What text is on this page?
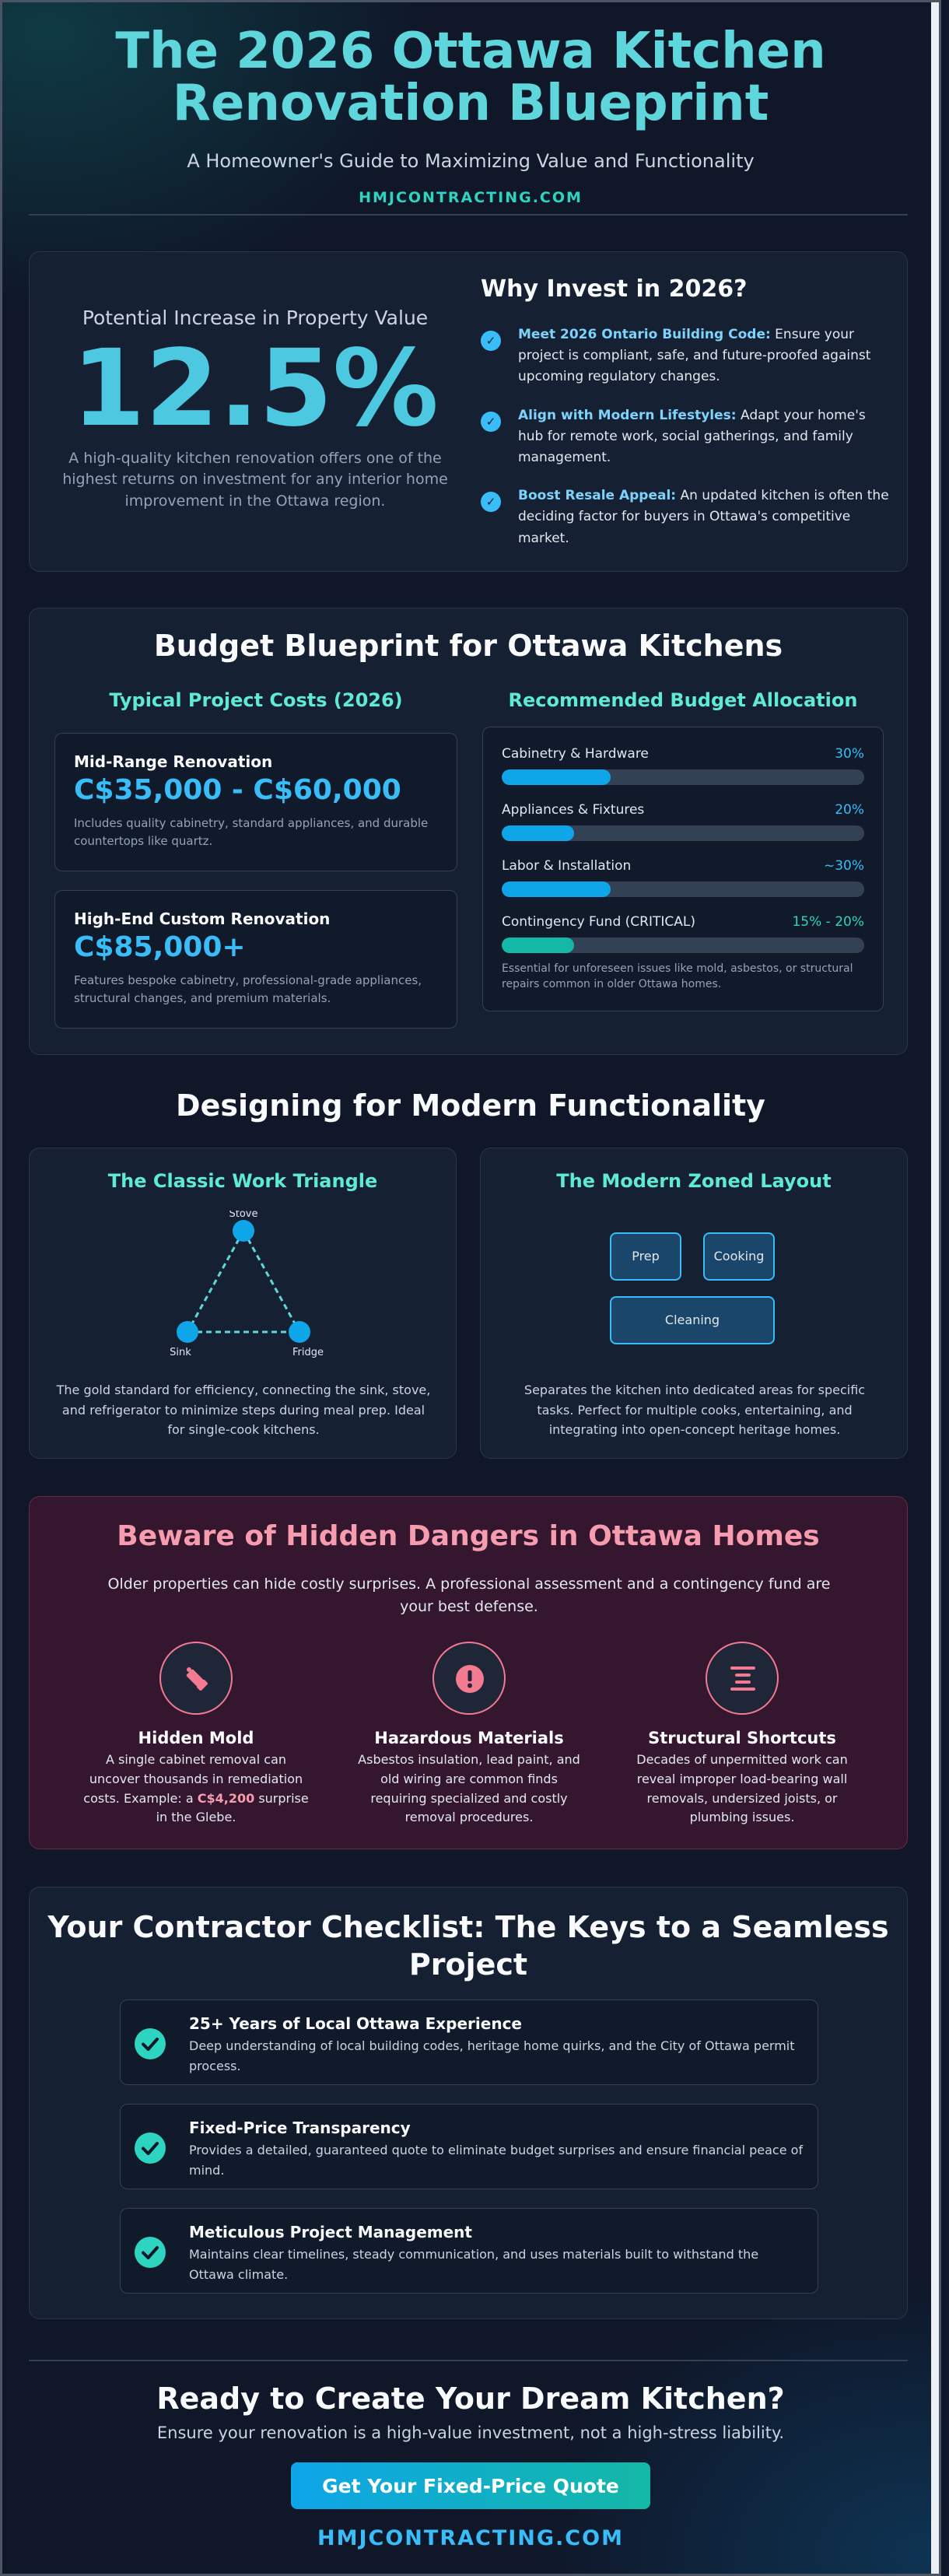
The 2026 Ottawa Kitchen
Renovation Blueprint
A Homeowner's Guide to Maximizing Value and Functionality
HMJCONTRACTING.COM
Potential Increase in Property Value
12.5%
A high-quality kitchen renovation offers one of the highest returns on investment for any interior home improvement in the Ottawa region.
Why Invest in 2026?
✓	Meet 2026 Ontario Building Code: Ensure your project is compliant, safe, and future-proofed against upcoming regulatory changes.
✓	Align with Modern Lifestyles: Adapt your home's hub for remote work, social gatherings, and family management.
✓	Boost Resale Appeal: An updated kitchen is often the deciding factor for buyers in Ottawa's competitive market.
Budget Blueprint for Ottawa Kitchens
Typical Project Costs (2026)	Recommended Budget Allocation
Mid-Range Renovation
C$35,000 - C$60,000
Includes quality cabinetry, standard appliances, and durable countertops like quartz.
High-End Custom Renovation
C$85,000+
Features bespoke cabinetry, professional-grade appliances, structural changes, and premium materials.
Cabinetry & Hardware	30%
Appliances & Fixtures	20%
Labor & Installation	~30%
Contingency Fund (CRITICAL)	15% - 20%
Essential for unforeseen issues like mold, asbestos, or structural repairs common in older Ottawa homes.
Designing for Modern Functionality
The Classic Work Triangle
Stove
Sink	Fridge
The gold standard for efficiency, connecting the sink, stove, and refrigerator to minimize steps during meal prep. Ideal for single-cook kitchens.
The Modern Zoned Layout
Prep	Cooking
Cleaning
Separates the kitchen into dedicated areas for specific tasks. Perfect for multiple cooks, entertaining, and integrating into open-concept heritage homes.
Beware of Hidden Dangers in Ottawa Homes
Older properties can hide costly surprises. A professional assessment and a contingency fund are your best defense.
Hidden Mold
A single cabinet removal can uncover thousands in remediation costs. Example: a C$4,200 surprise in the Glebe.
Hazardous Materials
Asbestos insulation, lead paint, and old wiring are common finds requiring specialized and costly removal procedures.
Structural Shortcuts
Decades of unpermitted work can reveal improper load-bearing wall removals, undersized joists, or plumbing issues.
Your Contractor Checklist: The Keys to a Seamless
Project
25+ Years of Local Ottawa Experience
Deep understanding of local building codes, heritage home quirks, and the City of Ottawa permit process.
Fixed-Price Transparency
Provides a detailed, guaranteed quote to eliminate budget surprises and ensure financial peace of mind.
Meticulous Project Management
Maintains clear timelines, steady communication, and uses materials built to withstand the Ottawa climate.
Ready to Create Your Dream Kitchen?
Ensure your renovation is a high-value investment, not a high-stress liability.
Get Your Fixed-Price Quote
HMJCONTRACTING.COM
